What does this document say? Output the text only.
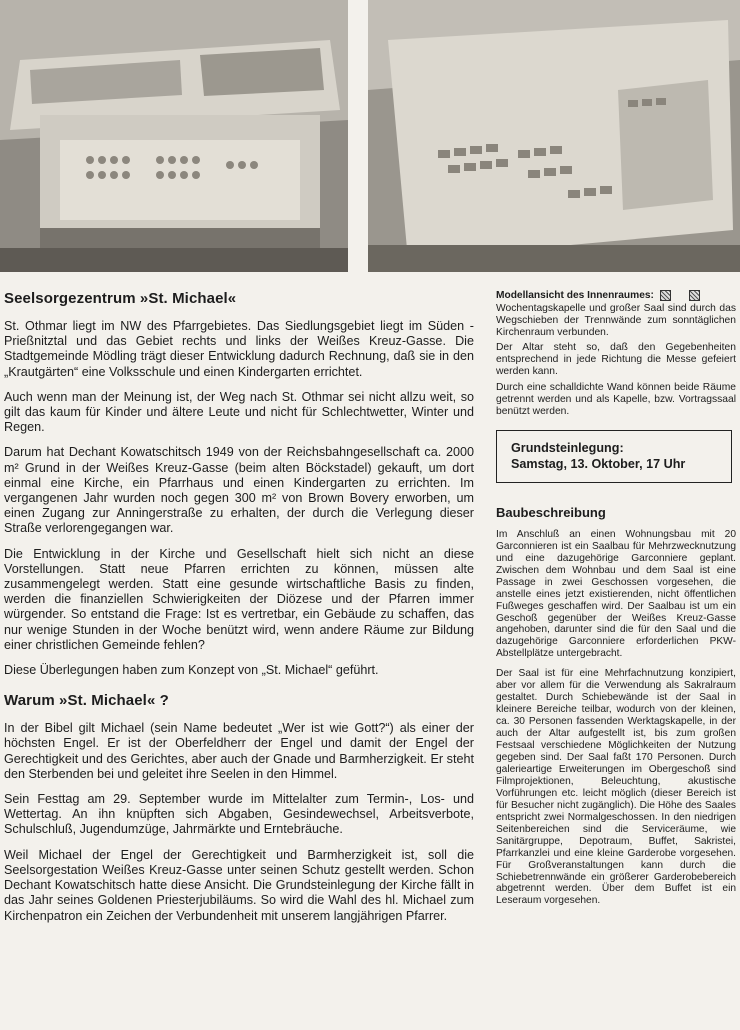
Seelsorgezentrum »St. Michael«

St. Othmar liegt im NW des Pfarrgebietes. Das Siedlungsgebiet liegt im Süden - Prießnitztal und das Gebiet rechts und links der Weißes Kreuz-Gasse. Die Stadtgemeinde Mödling trägt dieser Entwicklung dadurch Rechnung, daß sie in den „Krautgärten“ eine Volksschule und einen Kindergarten errichtet.

Auch wenn man der Meinung ist, der Weg nach St. Othmar sei nicht allzu weit, so gilt das kaum für Kinder und ältere Leute und nicht für Schlechtwetter, Winter und Regen.

Darum hat Dechant Kowatschitsch 1949 von der Reichsbahngesellschaft ca. 2000 m² Grund in der Weißes Kreuz-Gasse (beim alten Böckstadel) gekauft, um dort einmal eine Kirche, ein Pfarrhaus und einen Kindergarten zu errichten. Im vergangenen Jahr wurden noch gegen 300 m² von Brown Bovery erworben, um einen Zugang zur Anningerstraße zu erhalten, der durch die Verlegung dieser Straße verlorengegangen war.

Die Entwicklung in der Kirche und Gesellschaft hielt sich nicht an diese Vorstellungen. Statt neue Pfarren errichten zu können, müssen alte zusammengelegt werden. Statt eine gesunde wirtschaftliche Basis zu finden, werden die finanziellen Schwierigkeiten der Diözese und der Pfarren immer würgender. So entstand die Frage: Ist es vertretbar, ein Gebäude zu schaffen, das nur wenige Stunden in der Woche benützt wird, wenn andere Räume zur Bildung einer christlichen Gemeinde fehlen?

Diese Überlegungen haben zum Konzept von „St. Michael“ geführt.

Warum »St. Michael« ?

In der Bibel gilt Michael (sein Name bedeutet „Wer ist wie Gott?“) als einer der höchsten Engel. Er ist der Oberfeldherr der Engel und damit der Engel der Gerechtigkeit und des Gerichtes, aber auch der Gnade und Barmherzigkeit. Er steht den Sterbenden bei und geleitet ihre Seelen in den Himmel.

Sein Festtag am 29. September wurde im Mittelalter zum Termin-, Los- und Wettertag. An ihn knüpften sich Abgaben, Gesindewechsel, Arbeitsverbote, Schulschluß, Jugendumzüge, Jahrmärkte und Erntebräuche.

Weil Michael der Engel der Gerechtigkeit und Barmherzigkeit ist, soll die Seelsorgestation Weißes Kreuz-Gasse unter seinen Schutz gestellt werden. Schon Dechant Kowatschitsch hatte diese Ansicht. Die Grundsteinlegung der Kirche fällt in das Jahr seines Goldenen Priesterjubiläums. So wird die Wahl des hl. Michael zum Kirchenpatron ein Zeichen der Verbundenheit mit unserem langjährigen Pfarrer.

Modellansicht des Innenraumes:

Wochentagskapelle und großer Saal sind durch das Wegschieben der Trennwände zum sonntäglichen Kirchenraum verbunden.

Der Altar steht so, daß den Gegebenheiten entsprechend in jede Richtung die Messe gefeiert werden kann.

Durch eine schalldichte Wand können beide Räume getrennt werden und als Kapelle, bzw. Vortragssaal benützt werden.

Grundsteinlegung:
Samstag, 13. Oktober, 17 Uhr
Baubeschreibung

Im Anschluß an einen Wohnungsbau mit 20 Garconnieren ist ein Saalbau für Mehrzwecknutzung und eine dazugehörige Garconniere geplant. Zwischen dem Wohnbau und dem Saal ist eine Passage in zwei Geschossen vorgesehen, die anstelle eines jetzt existierenden, nicht öffentlichen Fußweges geschaffen wird. Der Saalbau ist um ein Geschoß gegenüber der Weißes Kreuz-Gasse angehoben, darunter sind die für den Saal und die dazugehörige Garconniere erforderlichen PKW-Abstellplätze untergebracht.

Der Saal ist für eine Mehrfachnutzung konzipiert, aber vor allem für die Verwendung als Sakralraum gestaltet. Durch Schiebewände ist der Saal in kleinere Bereiche teilbar, wodurch von der kleinen, ca. 30 Personen fassenden Werktagskapelle, in der auch der Altar aufgestellt ist, bis zum großen Festsaal verschiedene Möglichkeiten der Nutzung gegeben sind. Der Saal faßt 170 Personen. Durch galerieartige Erweiterungen im Obergeschoß sind Filmprojektionen, Beleuchtung, akustische Vorführungen etc. leicht möglich (dieser Bereich ist für Besucher nicht zugänglich). Die Höhe des Saales entspricht zwei Normalgeschossen. In den niedrigen Seitenbereichen sind die Serviceräume, wie Sanitärgruppe, Depotraum, Buffet, Sakristei, Pfarrkanzlei und eine kleine Garderobe vorgesehen. Für Großveranstaltungen kann durch die Schiebetrennwände ein größerer Garderobebereich abgetrennt werden. Über dem Buffet ist ein Leseraum vorgesehen.
